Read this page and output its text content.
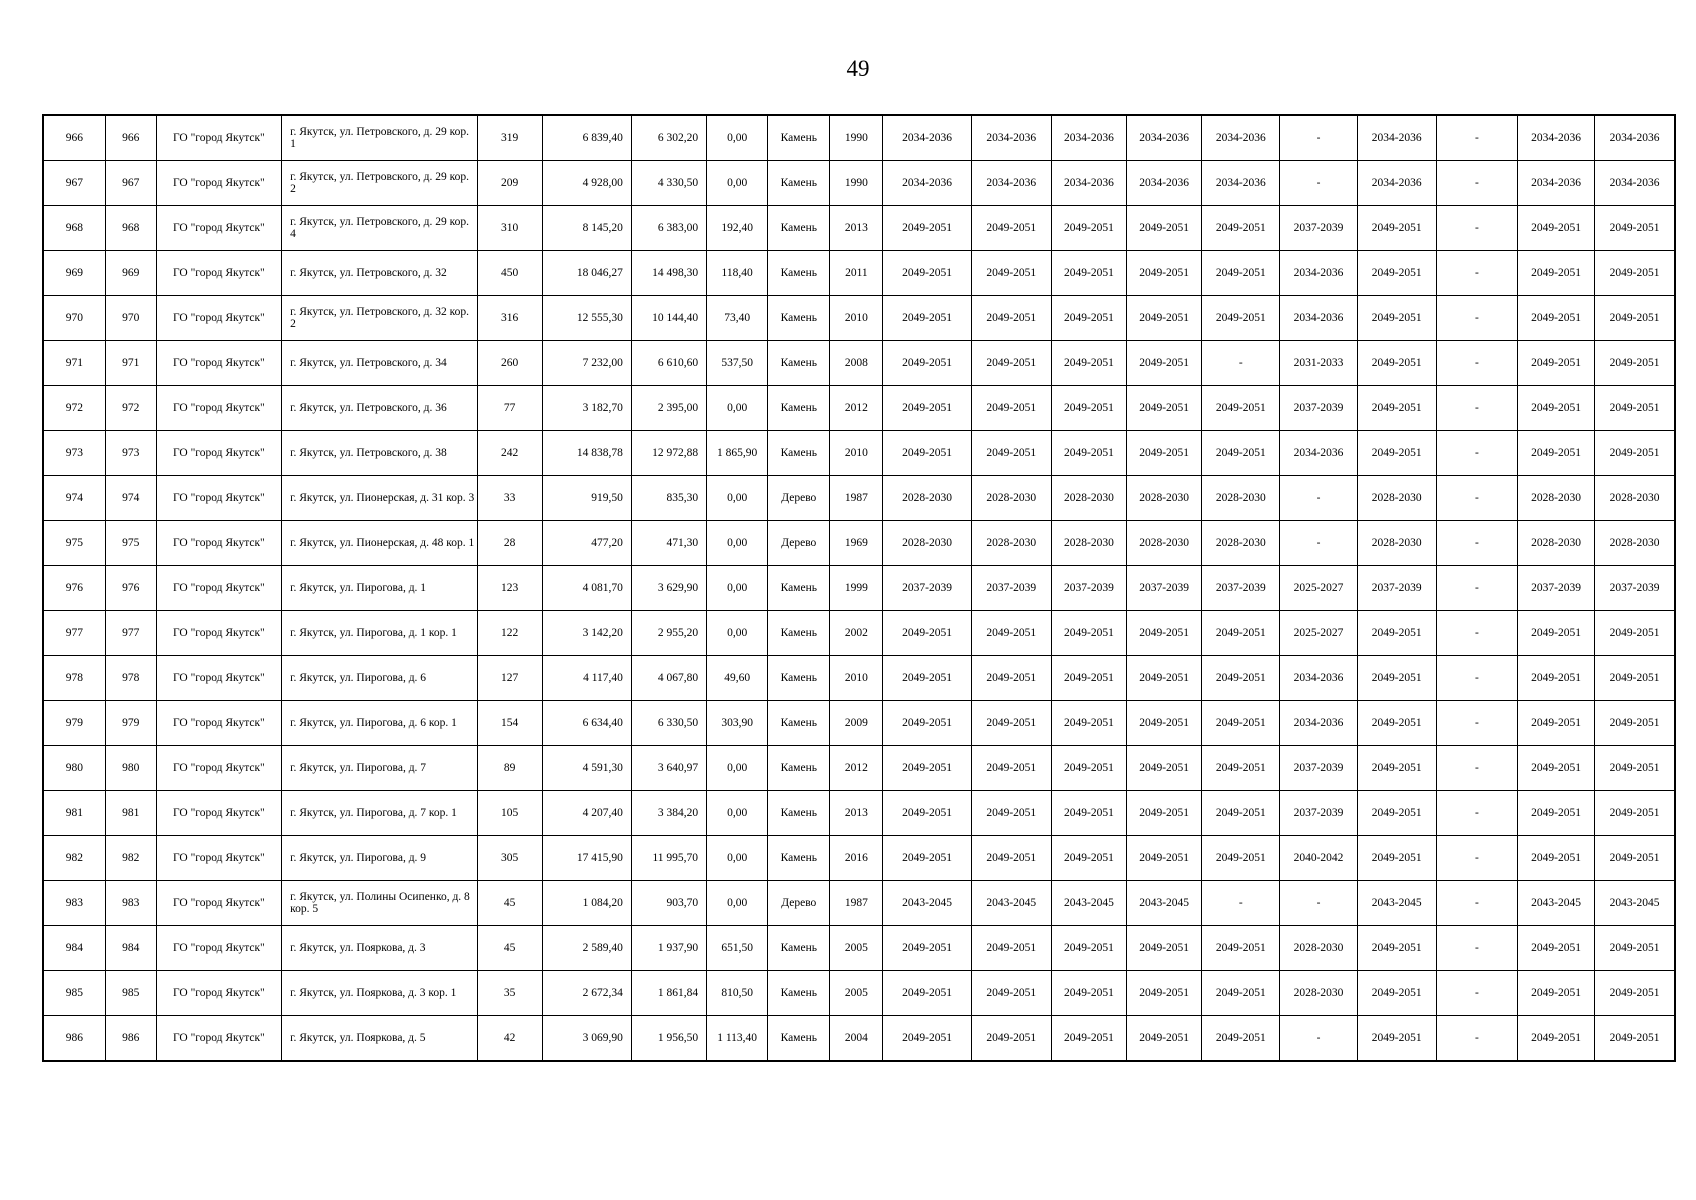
49
966	966	ГО "город Якутск"	г. Якутск, ул. Петровского, д. 29 кор. 1	319	6 839,40	6 302,20	0,00	Камень	1990	2034-2036	2034-2036	2034-2036	2034-2036	2034-2036	-	2034-2036	-	2034-2036	2034-2036
967	967	ГО "город Якутск"	г. Якутск, ул. Петровского, д. 29 кор. 2	209	4 928,00	4 330,50	0,00	Камень	1990	2034-2036	2034-2036	2034-2036	2034-2036	2034-2036	-	2034-2036	-	2034-2036	2034-2036
968	968	ГО "город Якутск"	г. Якутск, ул. Петровского, д. 29 кор. 4	310	8 145,20	6 383,00	192,40	Камень	2013	2049-2051	2049-2051	2049-2051	2049-2051	2049-2051	2037-2039	2049-2051	-	2049-2051	2049-2051
969	969	ГО "город Якутск"	г. Якутск, ул. Петровского, д. 32	450	18 046,27	14 498,30	118,40	Камень	2011	2049-2051	2049-2051	2049-2051	2049-2051	2049-2051	2034-2036	2049-2051	-	2049-2051	2049-2051
970	970	ГО "город Якутск"	г. Якутск, ул. Петровского, д. 32 кор. 2	316	12 555,30	10 144,40	73,40	Камень	2010	2049-2051	2049-2051	2049-2051	2049-2051	2049-2051	2034-2036	2049-2051	-	2049-2051	2049-2051
971	971	ГО "город Якутск"	г. Якутск, ул. Петровского, д. 34	260	7 232,00	6 610,60	537,50	Камень	2008	2049-2051	2049-2051	2049-2051	2049-2051	-	2031-2033	2049-2051	-	2049-2051	2049-2051
972	972	ГО "город Якутск"	г. Якутск, ул. Петровского, д. 36	77	3 182,70	2 395,00	0,00	Камень	2012	2049-2051	2049-2051	2049-2051	2049-2051	2049-2051	2037-2039	2049-2051	-	2049-2051	2049-2051
973	973	ГО "город Якутск"	г. Якутск, ул. Петровского, д. 38	242	14 838,78	12 972,88	1 865,90	Камень	2010	2049-2051	2049-2051	2049-2051	2049-2051	2049-2051	2034-2036	2049-2051	-	2049-2051	2049-2051
974	974	ГО "город Якутск"	г. Якутск, ул. Пионерская, д. 31 кор. 3	33	919,50	835,30	0,00	Дерево	1987	2028-2030	2028-2030	2028-2030	2028-2030	2028-2030	-	2028-2030	-	2028-2030	2028-2030
975	975	ГО "город Якутск"	г. Якутск, ул. Пионерская, д. 48 кор. 1	28	477,20	471,30	0,00	Дерево	1969	2028-2030	2028-2030	2028-2030	2028-2030	2028-2030	-	2028-2030	-	2028-2030	2028-2030
976	976	ГО "город Якутск"	г. Якутск, ул. Пирогова, д. 1	123	4 081,70	3 629,90	0,00	Камень	1999	2037-2039	2037-2039	2037-2039	2037-2039	2037-2039	2025-2027	2037-2039	-	2037-2039	2037-2039
977	977	ГО "город Якутск"	г. Якутск, ул. Пирогова, д. 1 кор. 1	122	3 142,20	2 955,20	0,00	Камень	2002	2049-2051	2049-2051	2049-2051	2049-2051	2049-2051	2025-2027	2049-2051	-	2049-2051	2049-2051
978	978	ГО "город Якутск"	г. Якутск, ул. Пирогова, д. 6	127	4 117,40	4 067,80	49,60	Камень	2010	2049-2051	2049-2051	2049-2051	2049-2051	2049-2051	2034-2036	2049-2051	-	2049-2051	2049-2051
979	979	ГО "город Якутск"	г. Якутск, ул. Пирогова, д. 6 кор. 1	154	6 634,40	6 330,50	303,90	Камень	2009	2049-2051	2049-2051	2049-2051	2049-2051	2049-2051	2034-2036	2049-2051	-	2049-2051	2049-2051
980	980	ГО "город Якутск"	г. Якутск, ул. Пирогова, д. 7	89	4 591,30	3 640,97	0,00	Камень	2012	2049-2051	2049-2051	2049-2051	2049-2051	2049-2051	2037-2039	2049-2051	-	2049-2051	2049-2051
981	981	ГО "город Якутск"	г. Якутск, ул. Пирогова, д. 7 кор. 1	105	4 207,40	3 384,20	0,00	Камень	2013	2049-2051	2049-2051	2049-2051	2049-2051	2049-2051	2037-2039	2049-2051	-	2049-2051	2049-2051
982	982	ГО "город Якутск"	г. Якутск, ул. Пирогова, д. 9	305	17 415,90	11 995,70	0,00	Камень	2016	2049-2051	2049-2051	2049-2051	2049-2051	2049-2051	2040-2042	2049-2051	-	2049-2051	2049-2051
983	983	ГО "город Якутск"	г. Якутск, ул. Полины Осипенко, д. 8 кор. 5	45	1 084,20	903,70	0,00	Дерево	1987	2043-2045	2043-2045	2043-2045	2043-2045	-	-	2043-2045	-	2043-2045	2043-2045
984	984	ГО "город Якутск"	г. Якутск, ул. Пояркова, д. 3	45	2 589,40	1 937,90	651,50	Камень	2005	2049-2051	2049-2051	2049-2051	2049-2051	2049-2051	2028-2030	2049-2051	-	2049-2051	2049-2051
985	985	ГО "город Якутск"	г. Якутск, ул. Пояркова, д. 3 кор. 1	35	2 672,34	1 861,84	810,50	Камень	2005	2049-2051	2049-2051	2049-2051	2049-2051	2049-2051	2028-2030	2049-2051	-	2049-2051	2049-2051
986	986	ГО "город Якутск"	г. Якутск, ул. Пояркова, д. 5	42	3 069,90	1 956,50	1 113,40	Камень	2004	2049-2051	2049-2051	2049-2051	2049-2051	2049-2051	-	2049-2051	-	2049-2051	2049-2051
